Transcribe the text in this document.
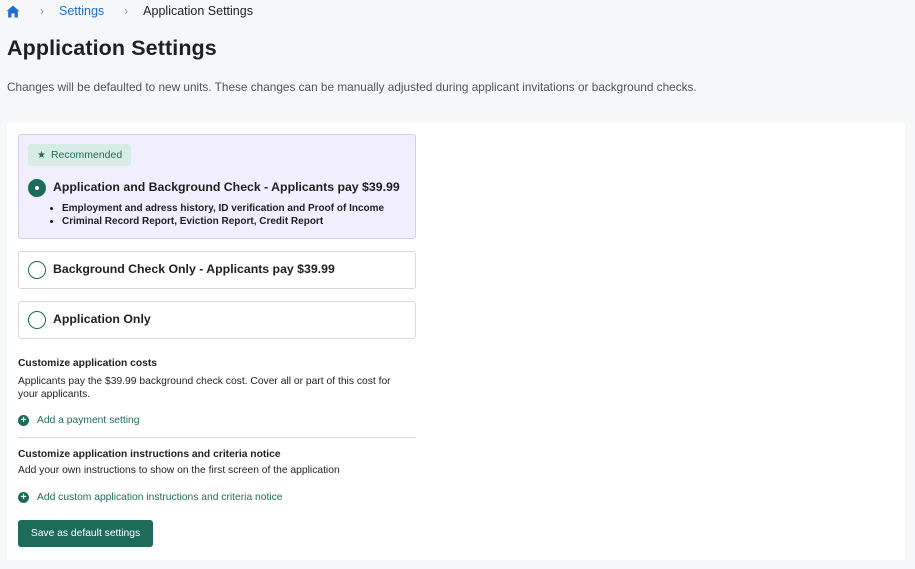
› Settings › Application Settings
Application Settings

Changes will be defaulted to new units. These changes can be manually adjusted during applicant invitations or background checks.

★ Recommended
Application and Background Check - Applicants pay $39.99
• Employment and adress history, ID verification and Proof of Income
• Criminal Record Report, Eviction Report, Credit Report
Background Check Only - Applicants pay $39.99
Application Only
Customize application costs
Applicants pay the $39.99 background check cost. Cover all or part of this cost for your applicants.
+ Add a payment setting
Customize application instructions and criteria notice
Add your own instructions to show on the first screen of the application
+ Add custom application instructions and criteria notice
Save as default settings
